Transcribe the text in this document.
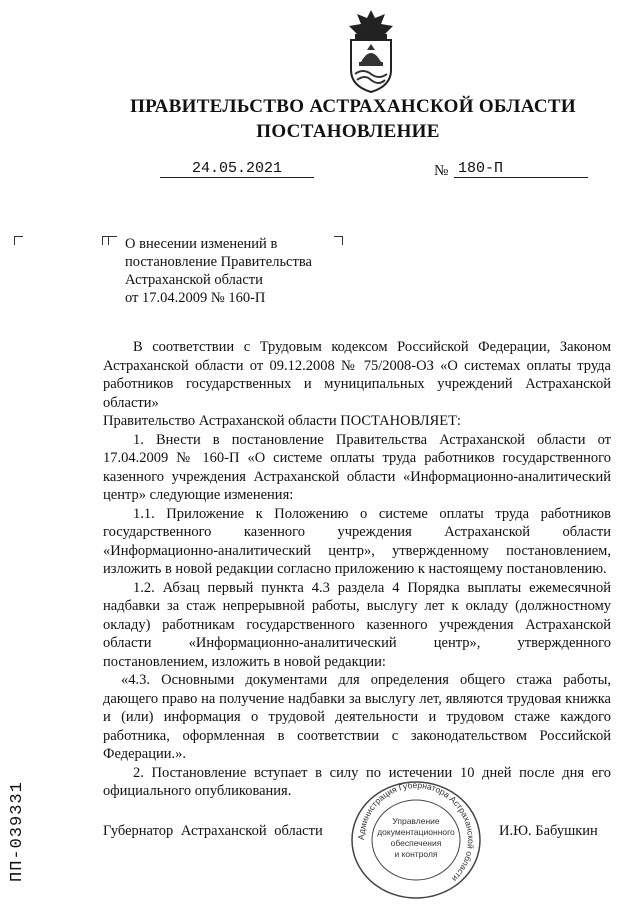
ПРАВИТЕЛЬСТВО АСТРАХАНСКОЙ ОБЛАСТИ
ПОСТАНОВЛЕНИЕ
24.05.2021	№ 180-П
О внесении изменений в
постановление Правительства
Астраханской области
от 17.04.2009 № 160-П

В соответствии с Трудовым кодексом Российской Федерации, Законом Астраханской области от 09.12.2008 № 75/2008-ОЗ «О системах оплаты труда работников государственных и муниципальных учреждений Астраханской области»

Правительство Астраханской области ПОСТАНОВЛЯЕТ:

1. Внести в постановление Правительства Астраханской области от 17.04.2009 № 160-П «О системе оплаты труда работников государственного казенного учреждения Астраханской области «Информационно-аналитический центр» следующие изменения:

1.1. Приложение к Положению о системе оплаты труда работников государственного казенного учреждения Астраханской области «Информационно-аналитический центр», утвержденному постановлением, изложить в новой редакции согласно приложению к настоящему постановлению.

1.2. Абзац первый пункта 4.3 раздела 4 Порядка выплаты ежемесячной надбавки за стаж непрерывной работы, выслугу лет к окладу (должностному окладу) работникам государственного казенного учреждения Астраханской области «Информационно-аналитический центр», утвержденного постановлением, изложить в новой редакции:

«4.3. Основными документами для определения общего стажа работы, дающего право на получение надбавки за выслугу лет, являются трудовая книжка и (или) информация о трудовой деятельности и трудовом стаже каждого работника, оформленная в соответствии с законодательством Российской Федерации.».

2. Постановление вступает в силу по истечении 10 дней после дня его официального опубликования.

Губернатор Астраханской области	И.Ю. Бабушкин
Администрация Губернатора Астраханской области
Управление
документационного
обеспечения
и контроля
ПП-039331
